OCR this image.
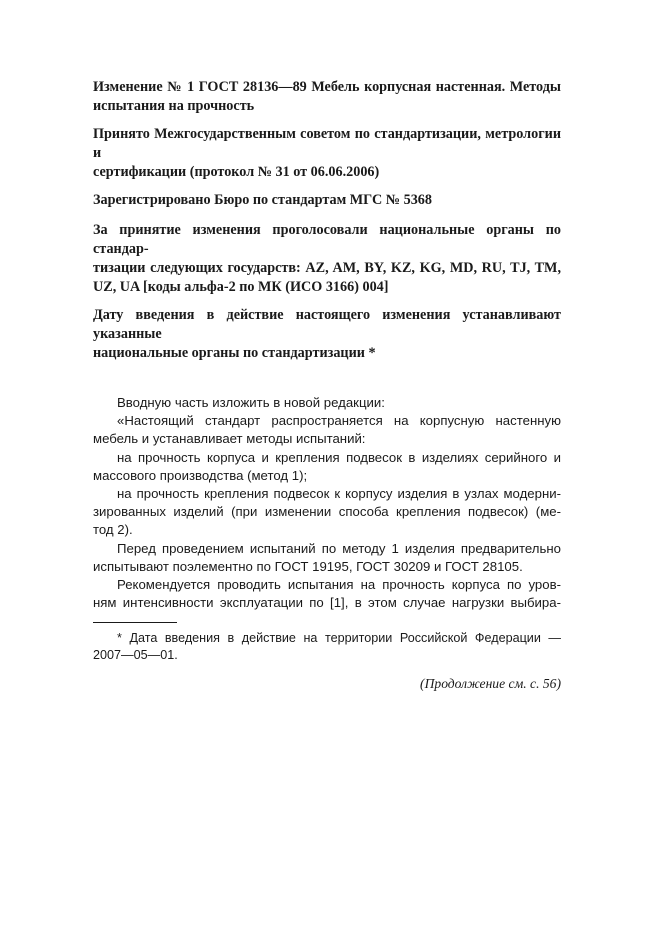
Изменение № 1 ГОСТ 28136—89 Мебель корпусная настенная. Методы
испытания на прочность
Принято Межгосударственным советом по стандартизации, метрологии и
сертификации (протокол № 31 от 06.06.2006)
Зарегистрировано Бюро по стандартам МГС № 5368
За принятие изменения проголосовали национальные органы по стандар-
тизации следующих государств: AZ, AM, BY, KZ, KG, MD, RU, TJ, TM,
UZ, UA [коды альфа-2 по МК (ИСО 3166) 004]
Дату введения в действие настоящего изменения устанавливают указанные
национальные органы по стандартизации *
Вводную часть изложить в новой редакции:
«Настоящий стандарт распространяется на корпусную настенную
мебель и устанавливает методы испытаний:
на прочность корпуса и крепления подвесок в изделиях серийного и
массового производства (метод 1);
на прочность крепления подвесок к корпусу изделия в узлах модерни-
зированных изделий (при изменении способа крепления подвесок) (ме-
тод 2).
Перед проведением испытаний по методу 1 изделия предварительно
испытывают поэлементно по ГОСТ 19195, ГОСТ 30209 и ГОСТ 28105.
Рекомендуется проводить испытания на прочность корпуса по уров-
ням интенсивности эксплуатации по [1], в этом случае нагрузки выбира-
* Дата введения в действие на территории Российской Федерации —
2007—05—01.
(Продолжение см. с. 56)
